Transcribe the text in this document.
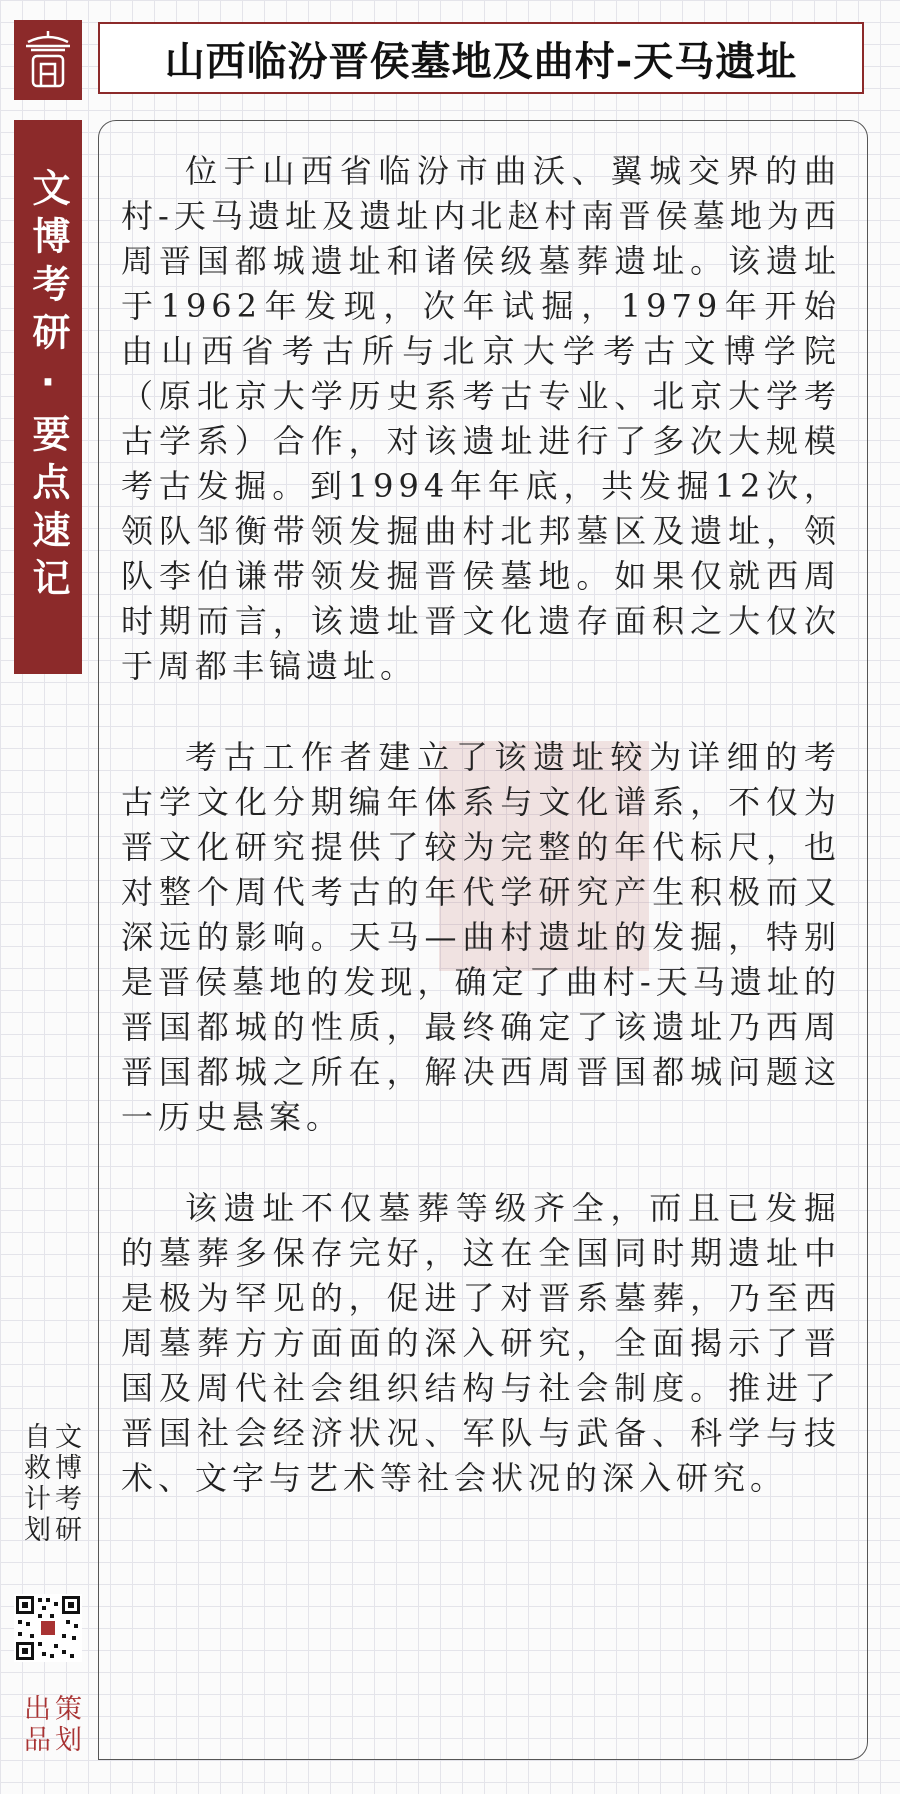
山西临汾晋侯墓地及曲村-天马遗址
文博考研·要点速记	位于山西省临汾市曲沃、翼城交界的曲村-天马遗址及遗址内北赵村南晋侯墓地为西周晋国都城遗址和诸侯级墓葬遗址。该遗址于1962年发现，次年试掘，1979年开始由山西省考古所与北京大学考古文博学院（原北京大学历史系考古专业、北京大学考古学系）合作，对该遗址进行了多次大规模考古发掘。到1994年年底，共发掘12次，领队邹衡带领发掘曲村北邦墓区及遗址，领队李伯谦带领发掘晋侯墓地。如果仅就西周时期而言，该遗址晋文化遗存面积之大仅次于周都丰镐遗址。

考古工作者建立了该遗址较为详细的考古学文化分期编年体系与文化谱系，不仅为晋文化研究提供了较为完整的年代标尺，也对整个周代考古的年代学研究产生积极而又深远的影响。天马—曲村遗址的发掘，特别是晋侯墓地的发现，确定了曲村-天马遗址的晋国都城的性质，最终确定了该遗址乃西周晋国都城之所在，解决西周晋国都城问题这一历史悬案。

该遗址不仅墓葬等级齐全，而且已发掘的墓葬多保存完好，这在全国同时期遗址中是极为罕见的，促进了对晋系墓葬，乃至西周墓葬方方面面的深入研究，全面揭示了晋国及周代社会组织结构与社会制度。推进了晋国社会经济状况、军队与武备、科学与技术、文字与艺术等社会状况的深入研究。

文博考研
自救计划
策划
出品
